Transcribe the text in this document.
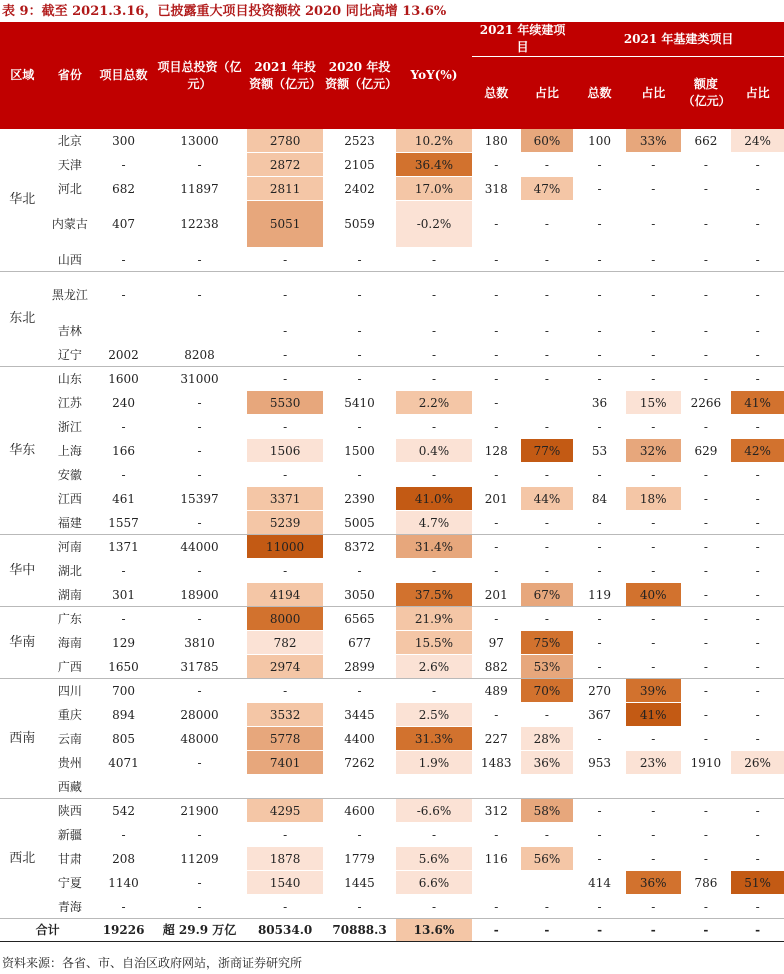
表 9：截至 2021.3.16，已披露重大项目投资额较 2020 同比高增 13.6%
区域	省份	项目总数	项目总投资（亿元）	2021 年投资额（亿元）	2020 年投资额（亿元）	YoY(%)	2021 年续建项目		2021 年基建类项目			
							总数	占比	总数	占比	额度（亿元）	占比
华北	北京	300	13000	2780	2523	10.2%	180	60%	100	33%	662	24%
	天津	-	-	2872	2105	36.4%	-	-	-	-	-	-
	河北	682	11897	2811	2402	17.0%	318	47%	-	-	-	-
	内蒙古	407	12238	5051	5059	-0.2%	-	-	-	-	-	-
	山西	-	-	-	-	-	-	-	-	-	-	-
东北	黑龙江	-	-	-	-	-	-	-	-	-	-	-
	吉林			-	-	-	-	-	-	-	-	-
	辽宁	2002	8208	-	-	-	-	-	-	-	-	-
华东	山东	1600	31000	-	-	-	-	-	-	-	-	-
	江苏	240	-	5530	5410	2.2%	-		36	15%	2266	41%
	浙江	-	-	-	-	-	-	-	-	-	-	-
	上海	166	-	1506	1500	0.4%	128	77%	53	32%	629	42%
	安徽	-	-	-	-	-	-	-	-	-	-	-
	江西	461	15397	3371	2390	41.0%	201	44%	84	18%	-	-
	福建	1557	-	5239	5005	4.7%	-	-	-	-	-	-
华中	河南	1371	44000	11000	8372	31.4%	-	-	-	-	-	-
	湖北	-	-	-	-	-	-	-	-	-	-	-
	湖南	301	18900	4194	3050	37.5%	201	67%	119	40%	-	-
华南	广东	-	-	8000	6565	21.9%	-	-	-	-	-	-
	海南	129	3810	782	677	15.5%	97	75%	-	-	-	-
	广西	1650	31785	2974	2899	2.6%	882	53%	-	-	-	-
西南	四川	700	-	-	-	-	489	70%	270	39%	-	-
	重庆	894	28000	3532	3445	2.5%	-	-	367	41%	-	-
	云南	805	48000	5778	4400	31.3%	227	28%	-	-	-	-
	贵州	4071	-	7401	7262	1.9%	1483	36%	953	23%	1910	26%
	西藏											
西北	陕西	542	21900	4295	4600	-6.6%	312	58%	-	-	-	-
	新疆	-	-	-	-	-	-	-	-	-	-	-
	甘肃	208	11209	1878	1779	5.6%	116	56%	-	-	-	-
	宁夏	1140	-	1540	1445	6.6%			414	36%	786	51%
	青海	-	-	-	-	-	-	-	-	-	-	-
合计		19226	超 29.9 万亿	80534.0	70888.3	13.6%	-	-	-	-	-	-
资料来源：各省、市、自治区政府网站，浙商证券研究所
